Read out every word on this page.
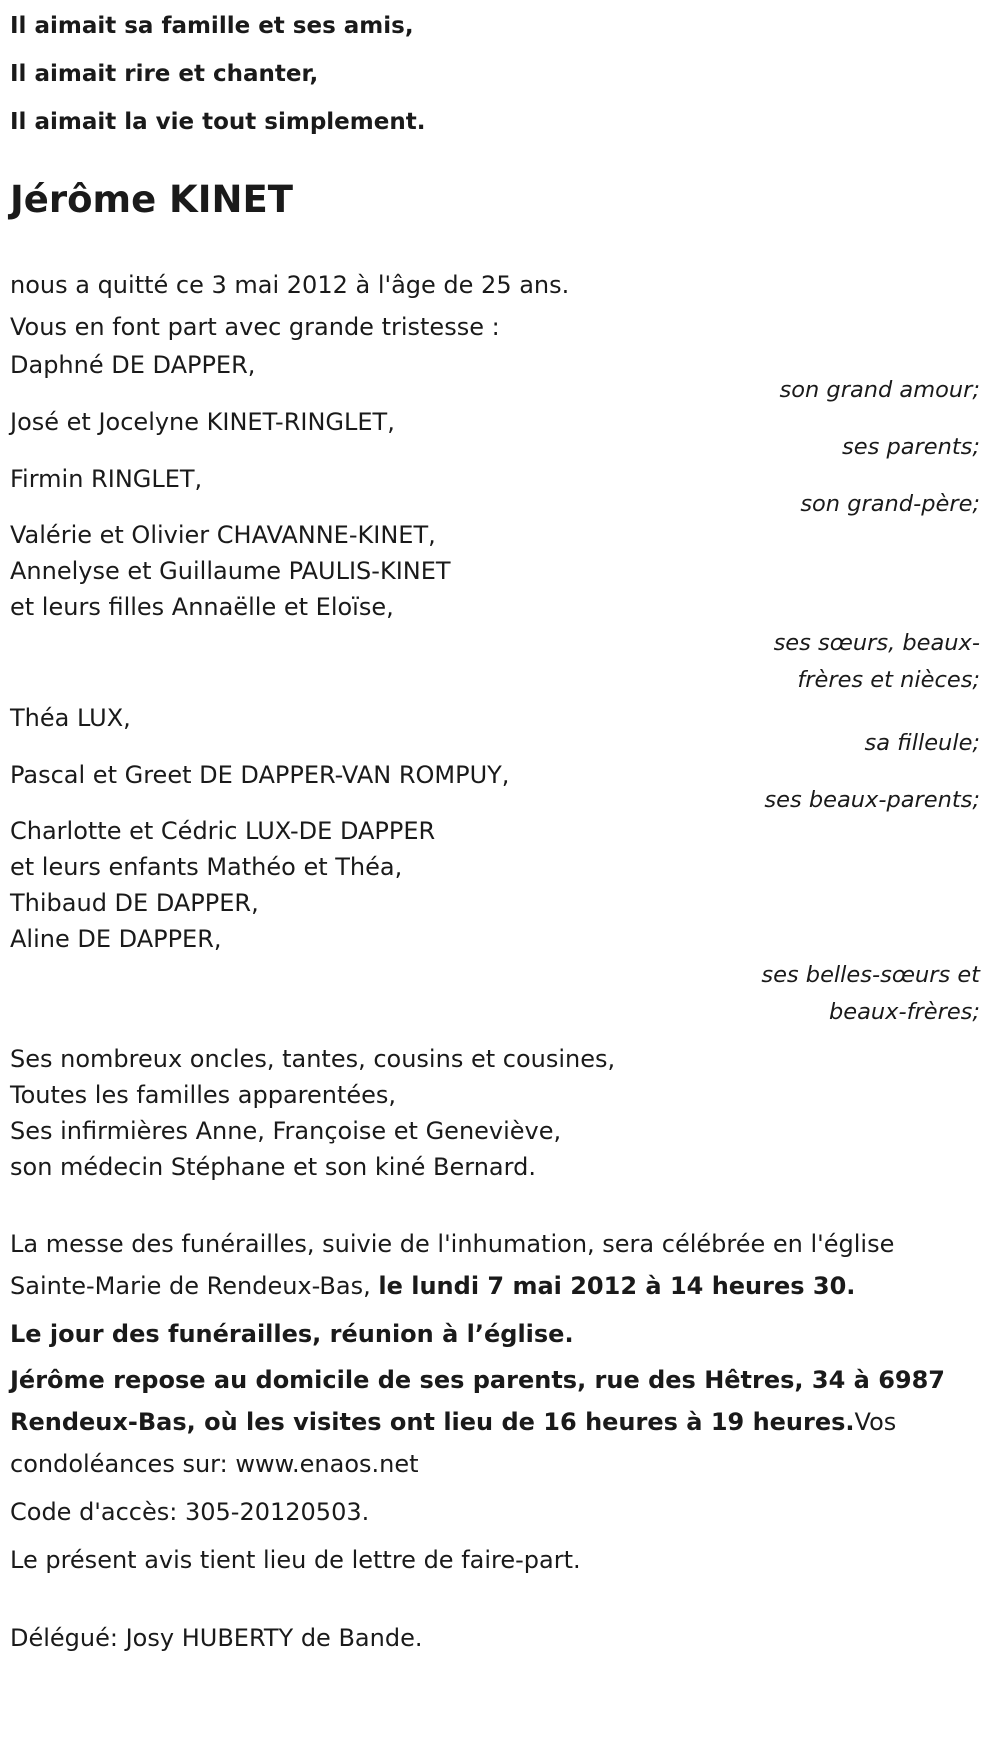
Il aimait sa famille et ses amis,
Il aimait rire et chanter,
Il aimait la vie tout simplement.
Jérôme KINET
nous a quitté ce 3 mai 2012 à l'âge de 25 ans.
Vous en font part avec grande tristesse :
Daphné DE DAPPER,
son grand amour;
José et Jocelyne KINET-RINGLET,
ses parents;
Firmin RINGLET,
son grand-père;
Valérie et Olivier CHAVANNE-KINET,
Annelyse et Guillaume PAULIS-KINET
et leurs filles Annaëlle et Eloïse,
ses sœurs, beaux-frères et nièces;
Théa LUX,
sa filleule;
Pascal et Greet DE DAPPER-VAN ROMPUY,
ses beaux-parents;
Charlotte et Cédric LUX-DE DAPPER
et leurs enfants Mathéo et Théa,
Thibaud DE DAPPER,
Aline DE DAPPER,
ses belles-sœurs et beaux-frères;
Ses nombreux oncles, tantes, cousins et cousines,
Toutes les familles apparentées,
Ses infirmières Anne, Françoise et Geneviève,
son médecin Stéphane et son kiné Bernard.

La messe des funérailles, suivie de l'inhumation, sera célébrée en l'église Sainte-Marie de Rendeux-Bas, le lundi 7 mai 2012 à 14 heures 30.

Le jour des funérailles, réunion à l’église.

Jérôme repose au domicile de ses parents, rue des Hêtres, 34 à 6987 Rendeux-Bas, où les visites ont lieu de 16 heures à 19 heures.Vos condoléances sur: www.enaos.net

Code d'accès: 305-20120503.

Le présent avis tient lieu de lettre de faire-part.

Délégué: Josy HUBERTY de Bande.
